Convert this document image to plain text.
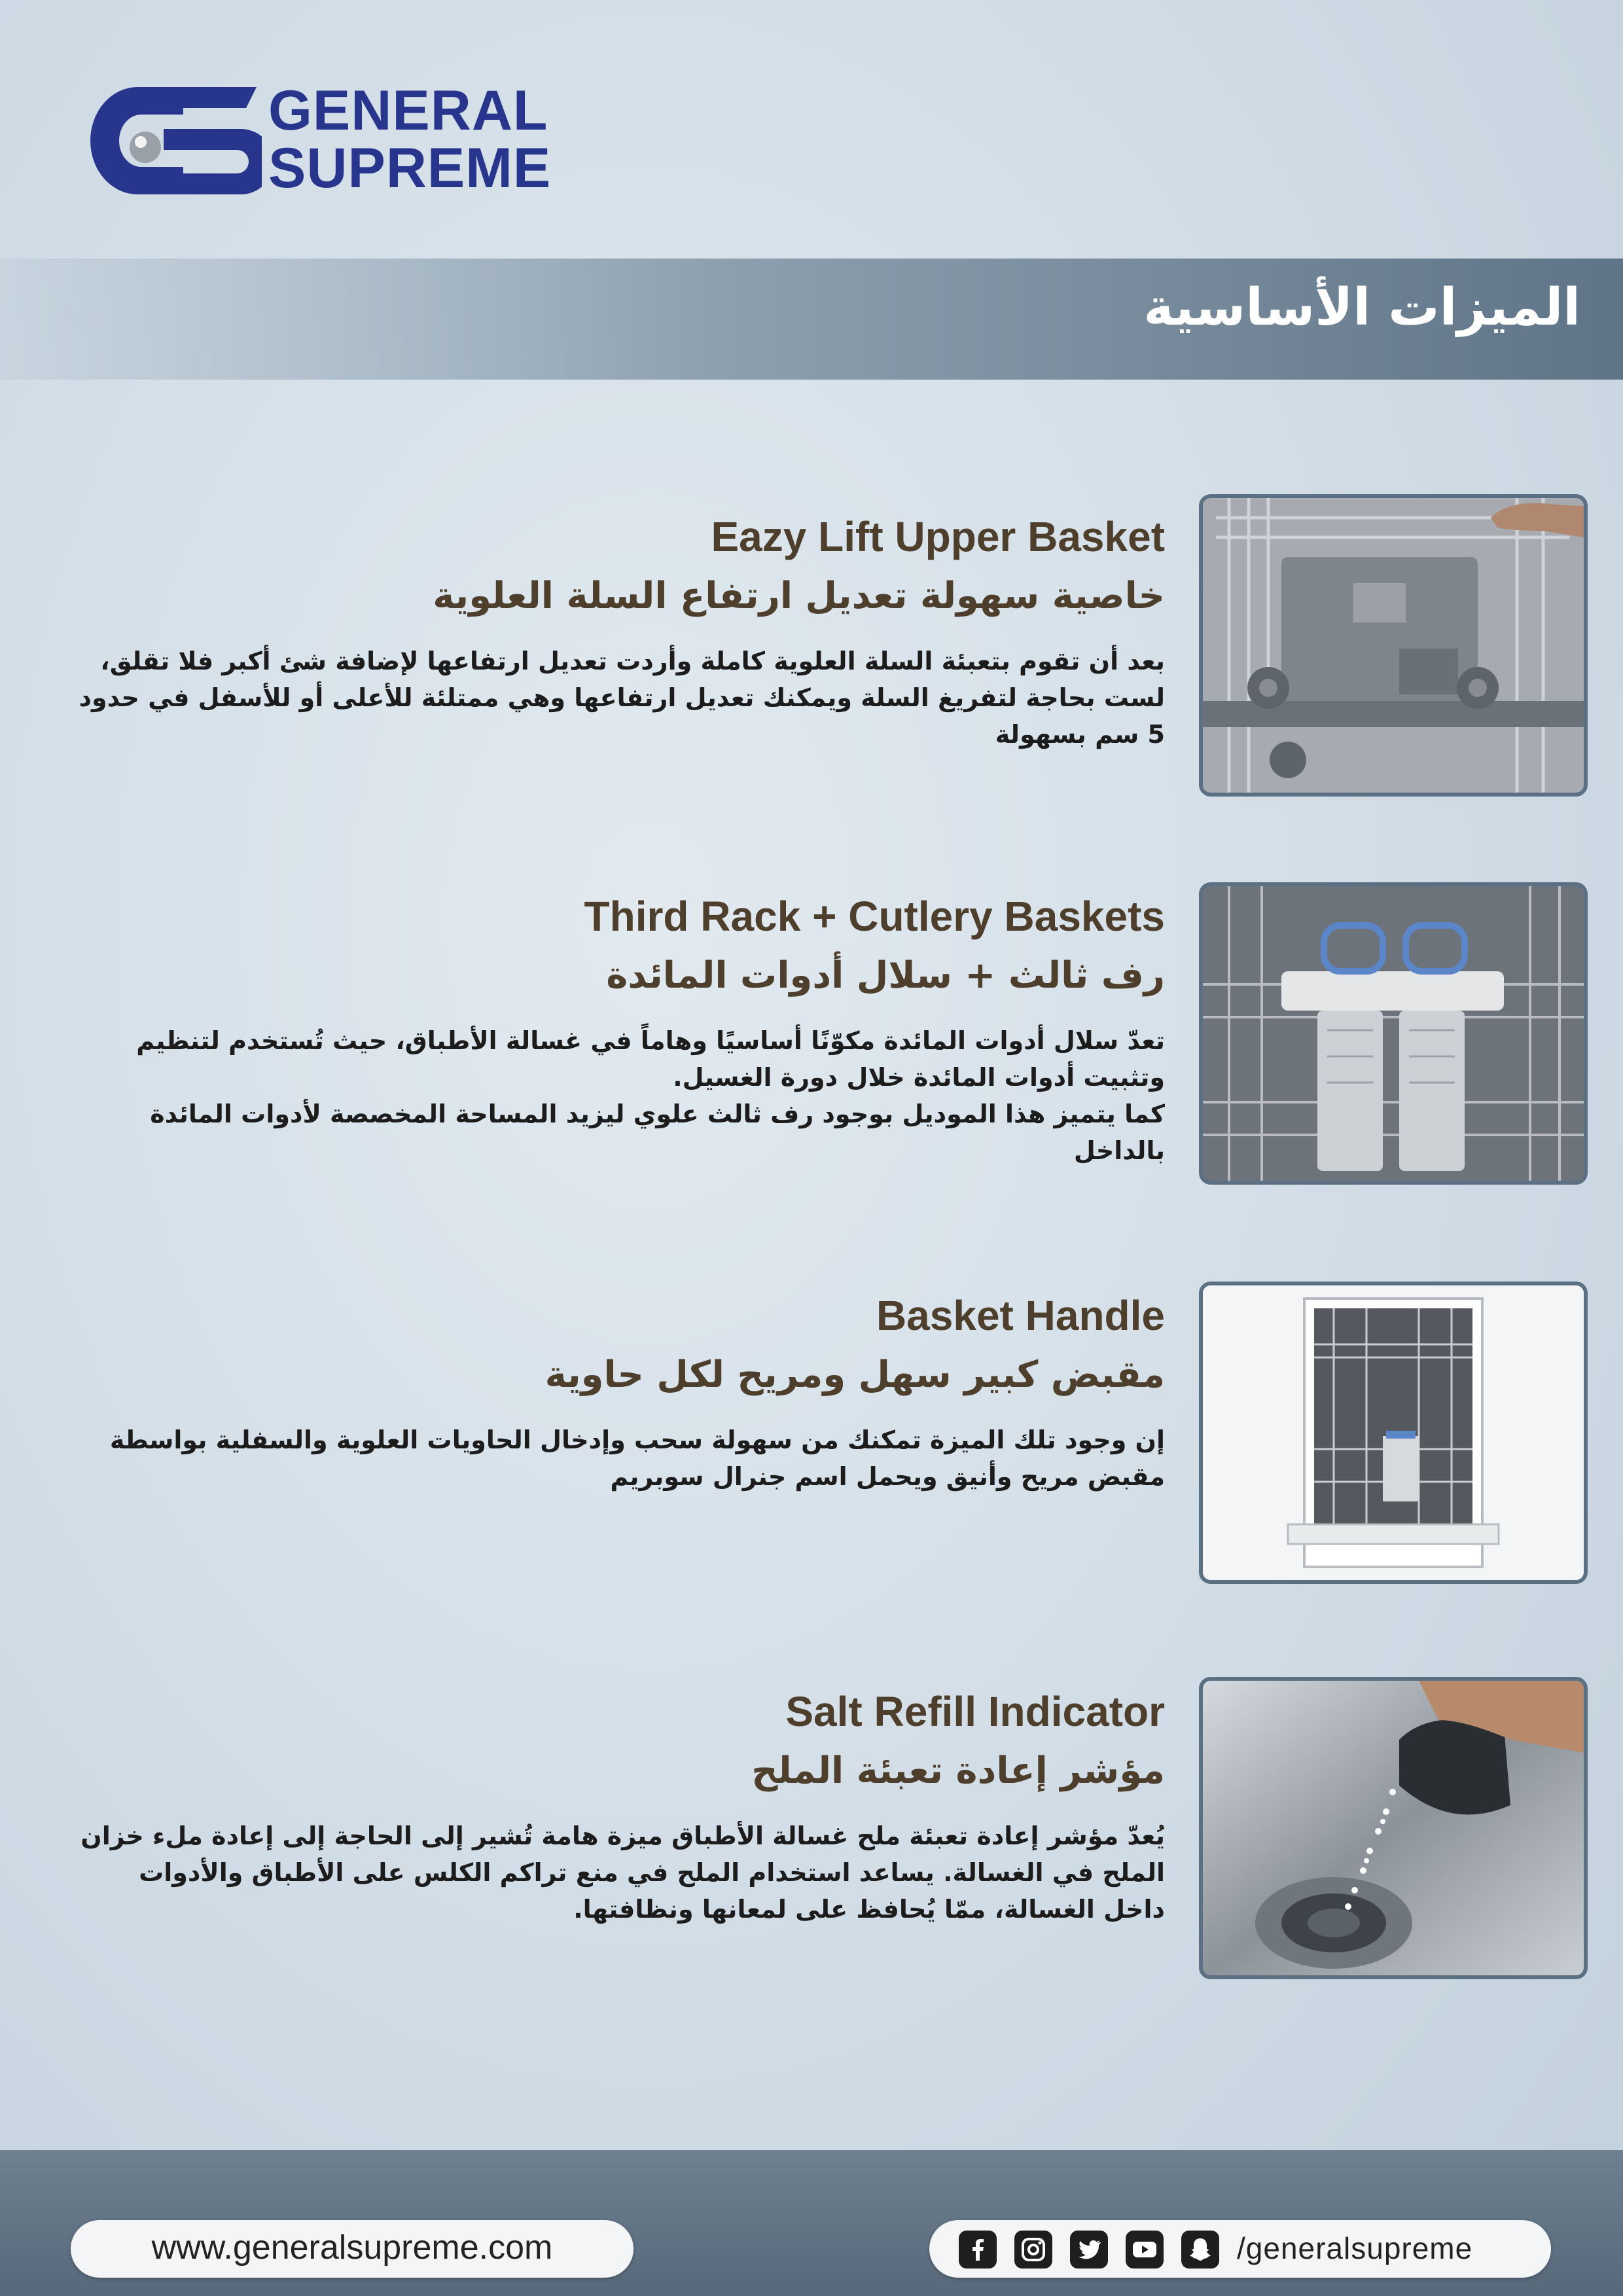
GENERAL
SUPREME
الميزات الأساسية
Eazy Lift Upper Basket
خاصية سهولة تعديل ارتفاع السلة العلوية

بعد أن تقوم بتعبئة السلة العلوية كاملة وأردت تعديل ارتفاعها لإضافة شئ أكبر فلا تقلق، لست بحاجة لتفريغ السلة ويمكنك تعديل ارتفاعها وهي ممتلئة للأعلى أو للأسفل في حدود 5 سم بسهولة

Third Rack + Cutlery Baskets
رف ثالث + سلال أدوات المائدة

تعدّ سلال أدوات المائدة مكوّنًا أساسيًا وهاماً في غسالة الأطباق، حيث تُستخدم لتنظيم وتثبيت أدوات المائدة خلال دورة الغسيل.

كما يتميز هذا الموديل بوجود رف ثالث علوي ليزيد المساحة المخصصة لأدوات المائدة بالداخل

Basket Handle
مقبض كبير سهل ومريح لكل حاوية

إن وجود تلك الميزة تمكنك من سهولة سحب وإدخال الحاويات العلوية والسفلية بواسطة مقبض مريح وأنيق ويحمل اسم جنرال سوبريم

Salt Refill Indicator
مؤشر إعادة تعبئة الملح

يُعدّ مؤشر إعادة تعبئة ملح غسالة الأطباق ميزة هامة تُشير إلى الحاجة إلى إعادة ملء خزان الملح في الغسالة. يساعد استخدام الملح في منع تراكم الكلس على الأطباق والأدوات داخل الغسالة، ممّا يُحافظ على لمعانها ونظافتها.

www.generalsupreme.com	/generalsupreme
